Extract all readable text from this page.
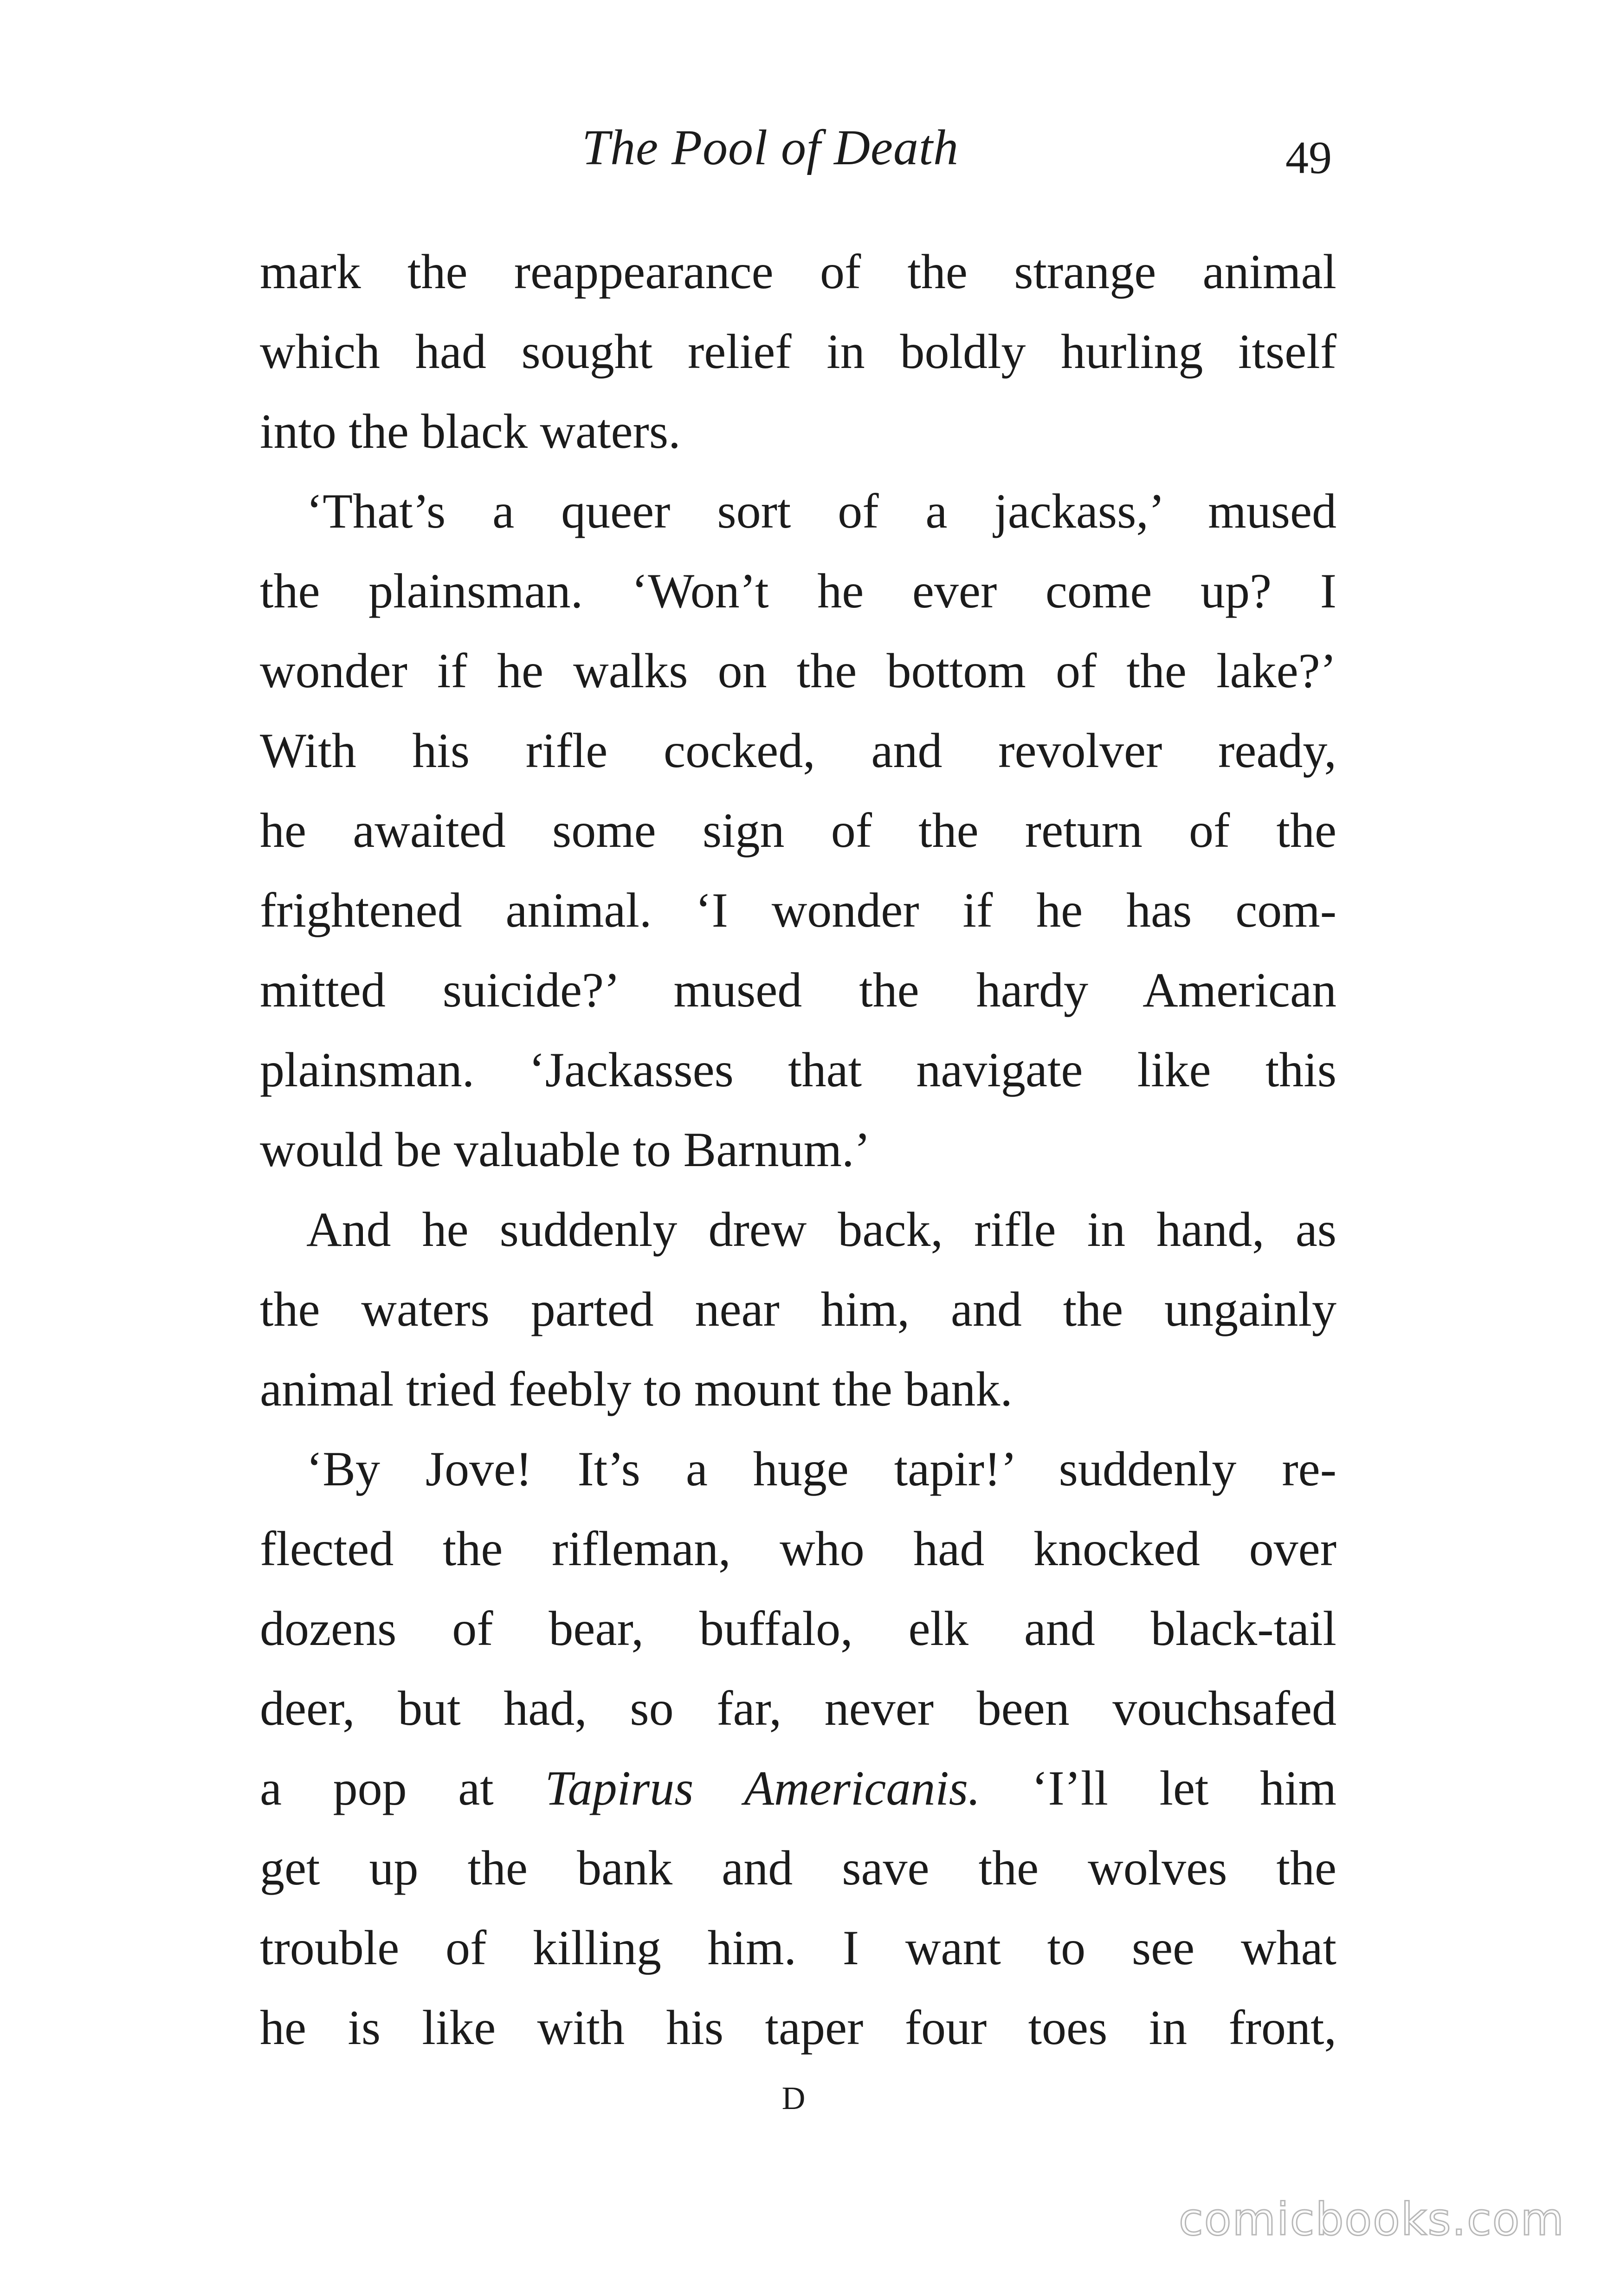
The Pool of Death	49
mark the reappearance of the strange animal
which had sought relief in boldly hurling itself
into the black waters.
‘That’s a queer sort of a jackass,’ mused
the plainsman. ‘Won’t he ever come up? I
wonder if he walks on the bottom of the lake?’
With his rifle cocked, and revolver ready,
he awaited some sign of the return of the
frightened animal. ‘I wonder if he has com-
mitted suicide?’ mused the hardy American
plainsman. ‘Jackasses that navigate like this
would be valuable to Barnum.’
And he suddenly drew back, rifle in hand, as
the waters parted near him, and the ungainly
animal tried feebly to mount the bank.
‘By Jove! It’s a huge tapir!’ suddenly re-
flected the rifleman, who had knocked over
dozens of bear, buffalo, elk and black-tail
deer, but had, so far, never been vouchsafed
a pop at Tapirus Americanis. ‘I’ll let him
get up the bank and save the wolves the
trouble of killing him. I want to see what
he is like with his taper four toes in front,
D
comicbooks.com
